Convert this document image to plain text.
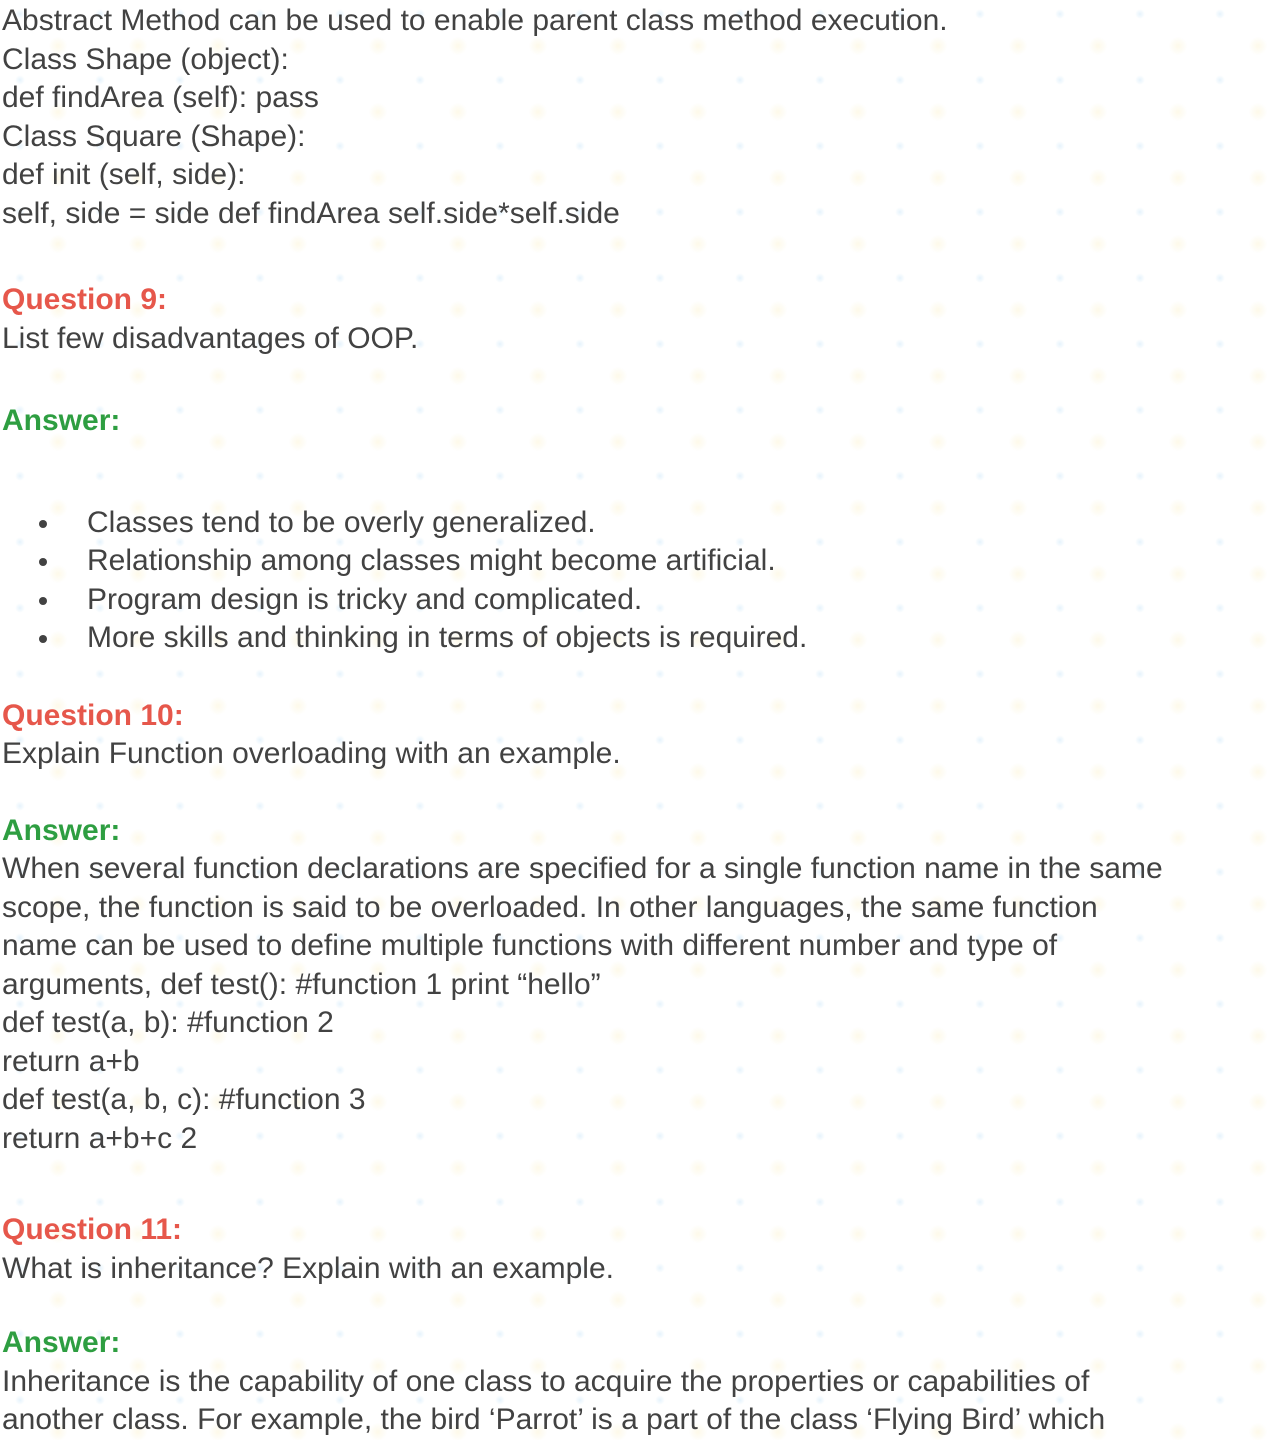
Abstract Method can be used to enable parent class method execution.
Class Shape (object):
def findArea (self): pass
Class Square (Shape):
def init (self, side):
self, side = side def findArea self.side*self.side
Question 9:
List few disadvantages of OOP.
Answer:
Classes tend to be overly generalized.
Relationship among classes might become artificial.
Program design is tricky and complicated.
More skills and thinking in terms of objects is required.
Question 10:
Explain Function overloading with an example.
Answer:
When several function declarations are specified for a single function name in the same
scope, the function is said to be overloaded. In other languages, the same function
name can be used to define multiple functions with different number and type of
arguments, def test(): #function 1 print “hello”
def test(a, b): #function 2
return a+b
def test(a, b, c): #function 3
return a+b+c 2
Question 11:
What is inheritance? Explain with an example.
Answer:
Inheritance is the capability of one class to acquire the properties or capabilities of
another class. For example, the bird ‘Parrot’ is a part of the class ‘Flying Bird’ which
